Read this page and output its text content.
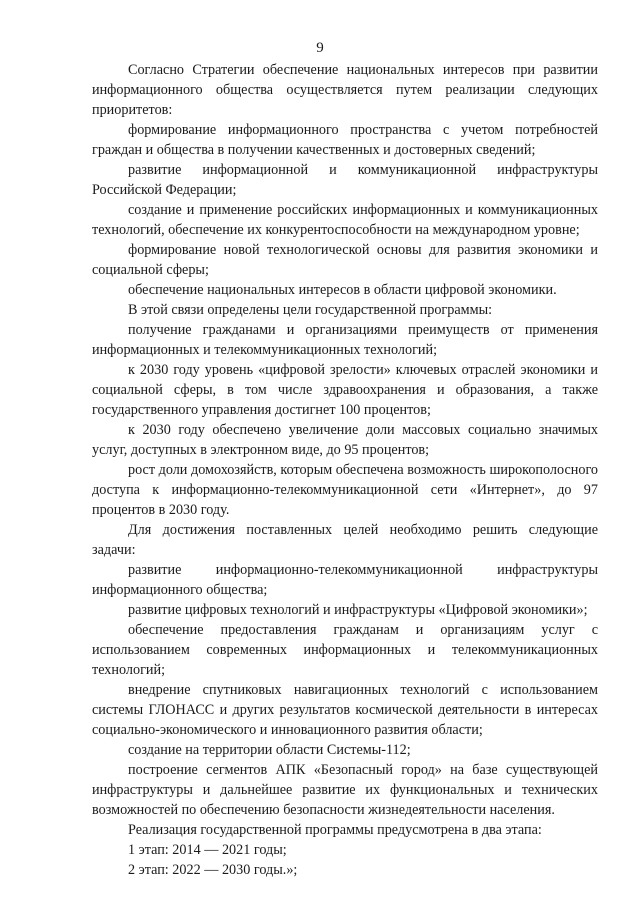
9

Согласно Стратегии обеспечение национальных интересов при развитии информационного общества осуществляется путем реализации следующих приоритетов:

формирование информационного пространства с учетом потребностей граждан и общества в получении качественных и достоверных сведений;

развитие информационной и коммуникационной инфраструктуры Российской Федерации;

создание и применение российских информационных и коммуникационных технологий, обеспечение их конкурентоспособности на международном уровне;

формирование новой технологической основы для развития экономики и социальной сферы;

обеспечение национальных интересов в области цифровой экономики.

В этой связи определены цели государственной программы:

получение гражданами и организациями преимуществ от применения информационных и телекоммуникационных технологий;

к 2030 году уровень «цифровой зрелости» ключевых отраслей экономики и социальной сферы, в том числе здравоохранения и образования, а также государственного управления достигнет 100 процентов;

к 2030 году обеспечено увеличение доли массовых социально значимых услуг, доступных в электронном виде, до 95 процентов;

рост доли домохозяйств, которым обеспечена возможность широкополосного доступа к информационно-телекоммуникационной сети «Интернет», до 97 процентов в 2030 году.

Для достижения поставленных целей необходимо решить следующие задачи:

развитие информационно-телекоммуникационной инфраструктуры информационного общества;

развитие цифровых технологий и инфраструктуры «Цифровой экономики»;

обеспечение предоставления гражданам и организациям услуг с использованием современных информационных и телекоммуникационных технологий;

внедрение спутниковых навигационных технологий с использованием системы ГЛОНАСС и других результатов космической деятельности в интересах социально-экономического и инновационного развития области;

создание на территории области Системы-112;

построение сегментов АПК «Безопасный город» на базе существующей инфраструктуры и дальнейшее развитие их функциональных и технических возможностей по обеспечению безопасности жизнедеятельности населения.

Реализация государственной программы предусмотрена в два этапа:

1 этап: 2014 — 2021 годы;

2 этап: 2022 — 2030 годы.»;
